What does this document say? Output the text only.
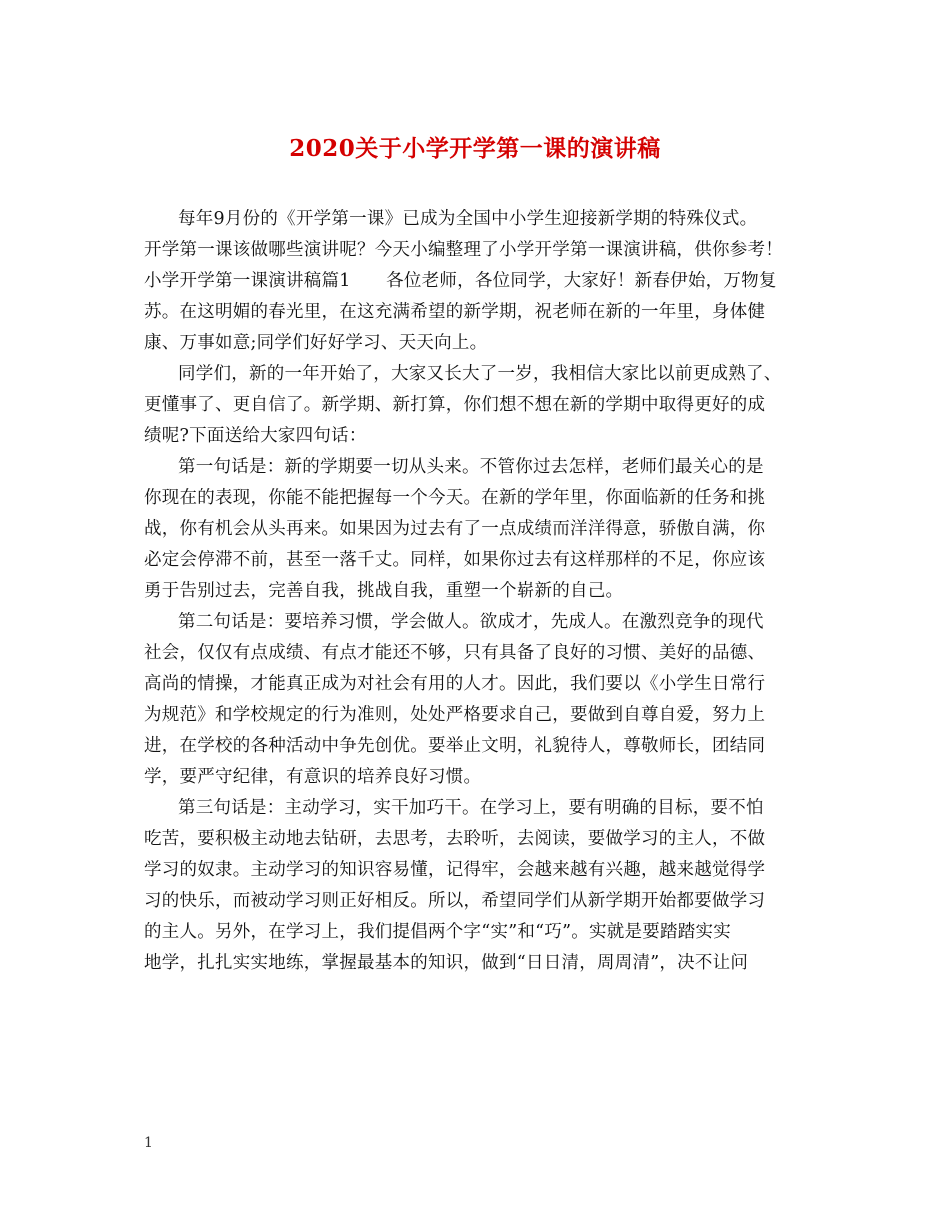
2020关于小学开学第一课的演讲稿
每年9月份的《开学第一课》已成为全国中小学生迎接新学期的特殊仪式。
开学第一课该做哪些演讲呢？今天小编整理了小学开学第一课演讲稿，供你参考！
小学开学第一课演讲稿篇1　　各位老师，各位同学，大家好！新春伊始，万物复
苏。在这明媚的春光里，在这充满希望的新学期，祝老师在新的一年里，身体健
康、万事如意;同学们好好学习、天天向上。
同学们，新的一年开始了，大家又长大了一岁，我相信大家比以前更成熟了、
更懂事了、更自信了。新学期、新打算，你们想不想在新的学期中取得更好的成
绩呢?下面送给大家四句话：
第一句话是：新的学期要一切从头来。不管你过去怎样，老师们最关心的是
你现在的表现，你能不能把握每一个今天。在新的学年里，你面临新的任务和挑
战，你有机会从头再来。如果因为过去有了一点成绩而洋洋得意，骄傲自满，你
必定会停滞不前，甚至一落千丈。同样，如果你过去有这样那样的不足，你应该
勇于告别过去，完善自我，挑战自我，重塑一个崭新的自己。
第二句话是：要培养习惯，学会做人。欲成才，先成人。在激烈竞争的现代
社会，仅仅有点成绩、有点才能还不够，只有具备了良好的习惯、美好的品德、
高尚的情操，才能真正成为对社会有用的人才。因此，我们要以《小学生日常行
为规范》和学校规定的行为准则，处处严格要求自己，要做到自尊自爱，努力上
进，在学校的各种活动中争先创优。要举止文明，礼貌待人，尊敬师长，团结同
学，要严守纪律，有意识的培养良好习惯。
第三句话是：主动学习，实干加巧干。在学习上，要有明确的目标，要不怕
吃苦，要积极主动地去钻研，去思考，去聆听，去阅读，要做学习的主人，不做
学习的奴隶。主动学习的知识容易懂，记得牢，会越来越有兴趣，越来越觉得学
习的快乐，而被动学习则正好相反。所以，希望同学们从新学期开始都要做学习
的主人。另外，在学习上，我们提倡两个字“实”和“巧”。实就是要踏踏实实
地学，扎扎实实地练，掌握最基本的知识，做到“日日清，周周清”，决不让问
1
